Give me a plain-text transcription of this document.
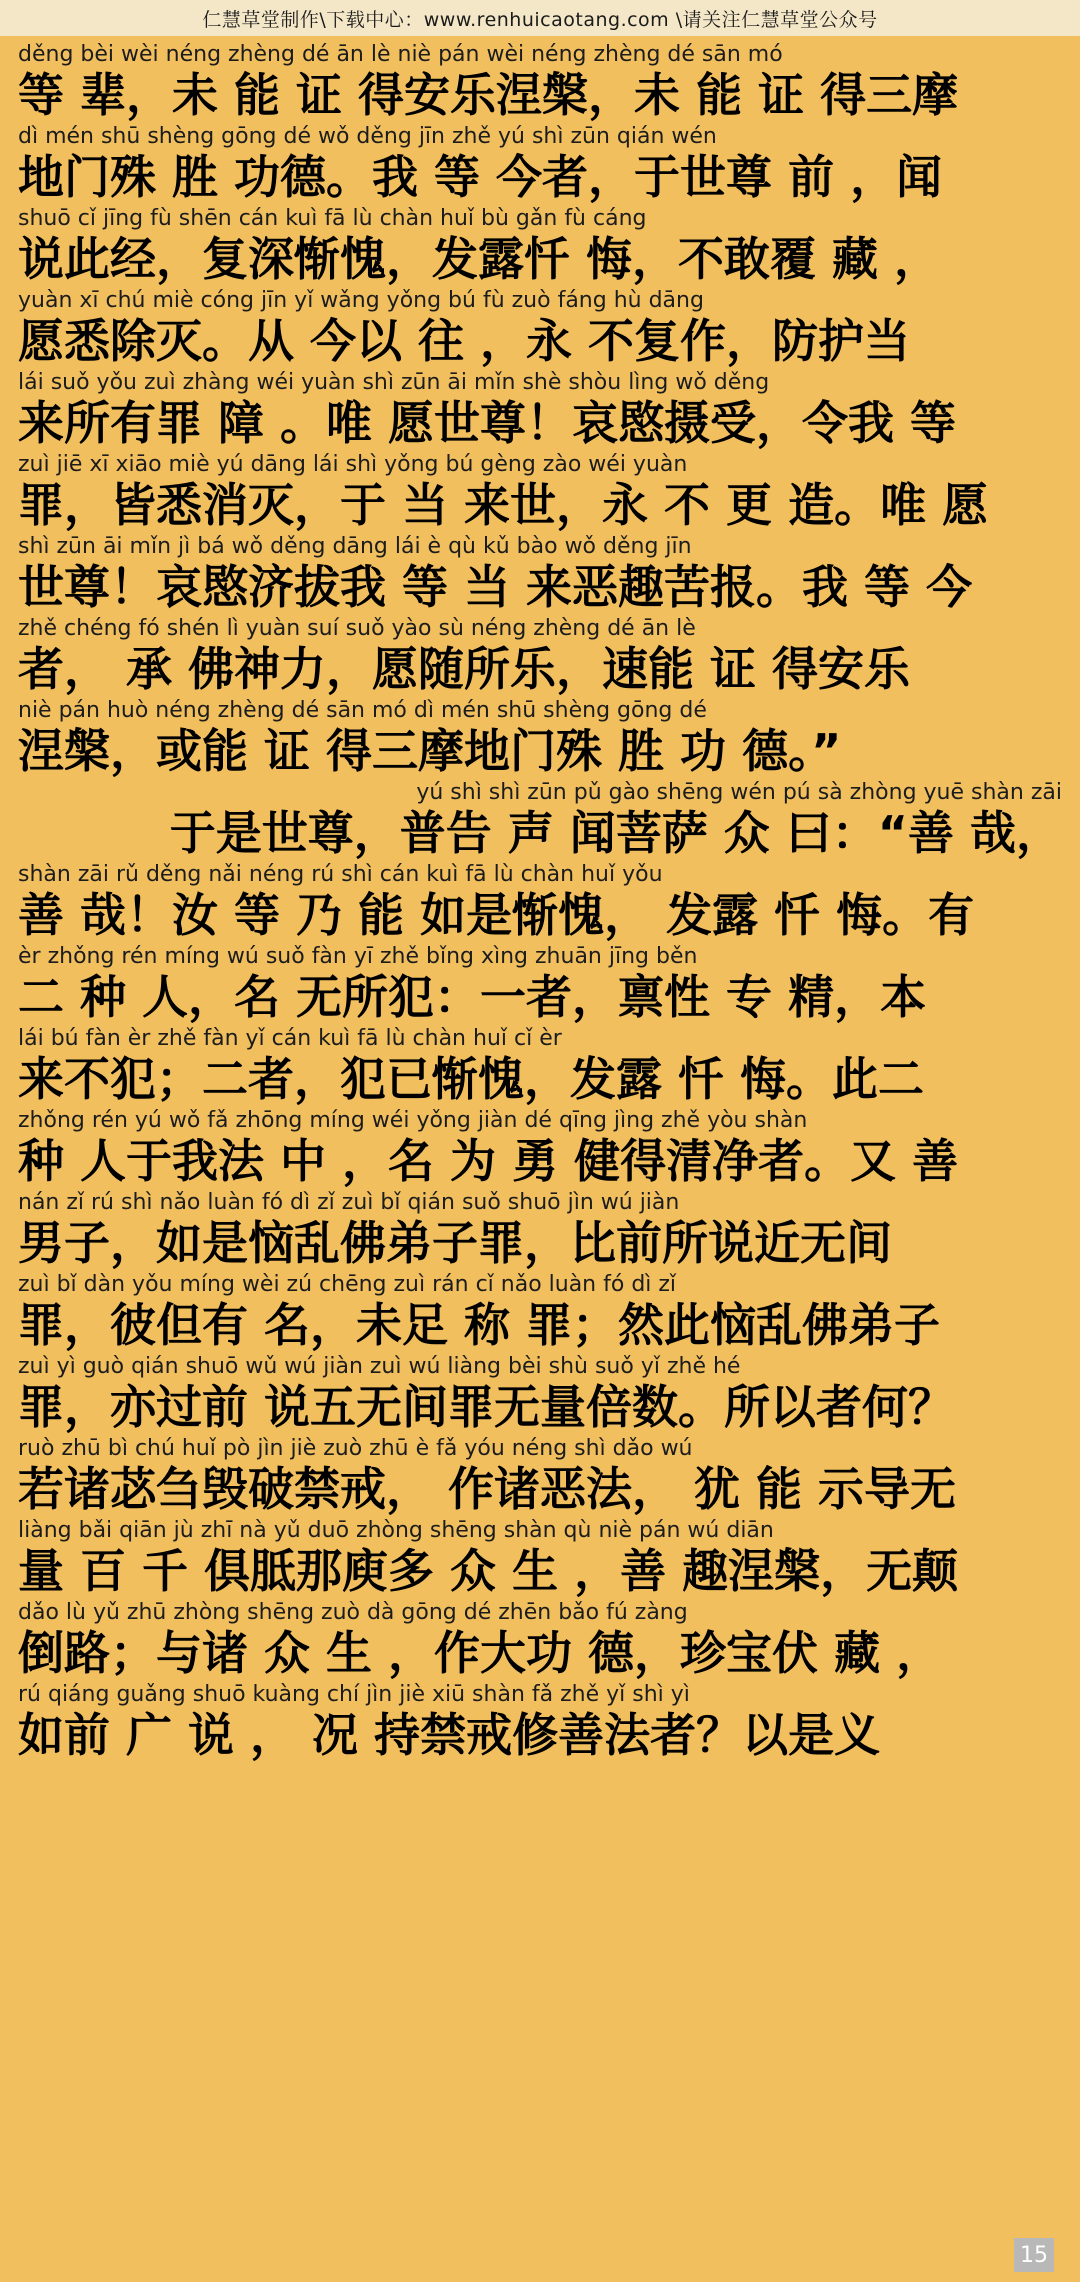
仁慧草堂制作\下载中心：www.renhuicaotang.com \请关注仁慧草堂公众号
děng bèi wèi néng zhèng dé ān lè niè pán wèi néng zhèng dé sān mó
等 辈，未 能 证 得安乐涅槃，未 能 证 得三摩
dì mén shū shèng gōng dé wǒ děng jīn zhě yú shì zūn qián wén
地门殊 胜 功德。我 等 今者，于世尊 前 ，闻
shuō cǐ jīng fù shēn cán kuì fā lù chàn huǐ bù gǎn fù cáng
说此经，复深惭愧，发露忏 悔，不敢覆 藏 ，
yuàn xī chú miè cóng jīn yǐ wǎng yǒng bú fù zuò fáng hù dāng
愿悉除灭。从 今以 往 ，永 不复作，防护当
lái suǒ yǒu zuì zhàng wéi yuàn shì zūn āi mǐn shè shòu lìng wǒ děng
来所有罪 障 。唯 愿世尊！哀愍摄受，令我 等
zuì jiē xī xiāo miè yú dāng lái shì yǒng bú gèng zào wéi yuàn
罪，皆悉消灭，于 当 来世，永 不 更 造。唯 愿
shì zūn āi mǐn jì bá wǒ děng dāng lái è qù kǔ bào wǒ děng jīn
世尊！哀愍济拔我 等 当 来恶趣苦报。我 等 今
zhě chéng fó shén lì yuàn suí suǒ yào sù néng zhèng dé ān lè
者， 承 佛神力，愿随所乐，速能 证 得安乐
niè pán huò néng zhèng dé sān mó dì mén shū shèng gōng dé
涅槃，或能 证 得三摩地门殊 胜 功 德。”
yú shì shì zūn pǔ gào shēng wén pú sà zhòng yuē shàn zāi
于是世尊，普告 声 闻菩萨 众 曰：“善 哉，
shàn zāi rǔ děng nǎi néng rú shì cán kuì fā lù chàn huǐ yǒu
善 哉！汝 等 乃 能 如是惭愧， 发露 忏 悔。有
èr zhǒng rén míng wú suǒ fàn yī zhě bǐng xìng zhuān jīng běn
二 种 人，名 无所犯：一者，禀性 专 精，本
lái bú fàn èr zhě fàn yǐ cán kuì fā lù chàn huǐ cǐ èr
来不犯；二者，犯已惭愧，发露 忏 悔。此二
zhǒng rén yú wǒ fǎ zhōng míng wéi yǒng jiàn dé qīng jìng zhě yòu shàn
种 人于我法 中 ，名 为 勇 健得清净者。又 善
nán zǐ rú shì nǎo luàn fó dì zǐ zuì bǐ qián suǒ shuō jìn wú jiàn
男子，如是恼乱佛弟子罪，比前所说近无间
zuì bǐ dàn yǒu míng wèi zú chēng zuì rán cǐ nǎo luàn fó dì zǐ
罪，彼但有 名，未足 称 罪；然此恼乱佛弟子
zuì yì guò qián shuō wǔ wú jiàn zuì wú liàng bèi shù suǒ yǐ zhě hé
罪，亦过前 说五无间罪无量倍数。所以者何？
ruò zhū bì chú huǐ pò jìn jiè zuò zhū è fǎ yóu néng shì dǎo wú
若诸苾刍毁破禁戒， 作诸恶法， 犹 能 示导无
liàng bǎi qiān jù zhī nà yǔ duō zhòng shēng shàn qù niè pán wú diān
量 百 千 俱胝那庾多 众 生 ，善 趣涅槃，无颠
dǎo lù yǔ zhū zhòng shēng zuò dà gōng dé zhēn bǎo fú zàng
倒路；与诸 众 生 ，作大功 德，珍宝伏 藏 ，
rú qiáng guǎng shuō kuàng chí jìn jiè xiū shàn fǎ zhě yǐ shì yì
如前 广 说 ， 况 持禁戒修善法者？以是义
15
